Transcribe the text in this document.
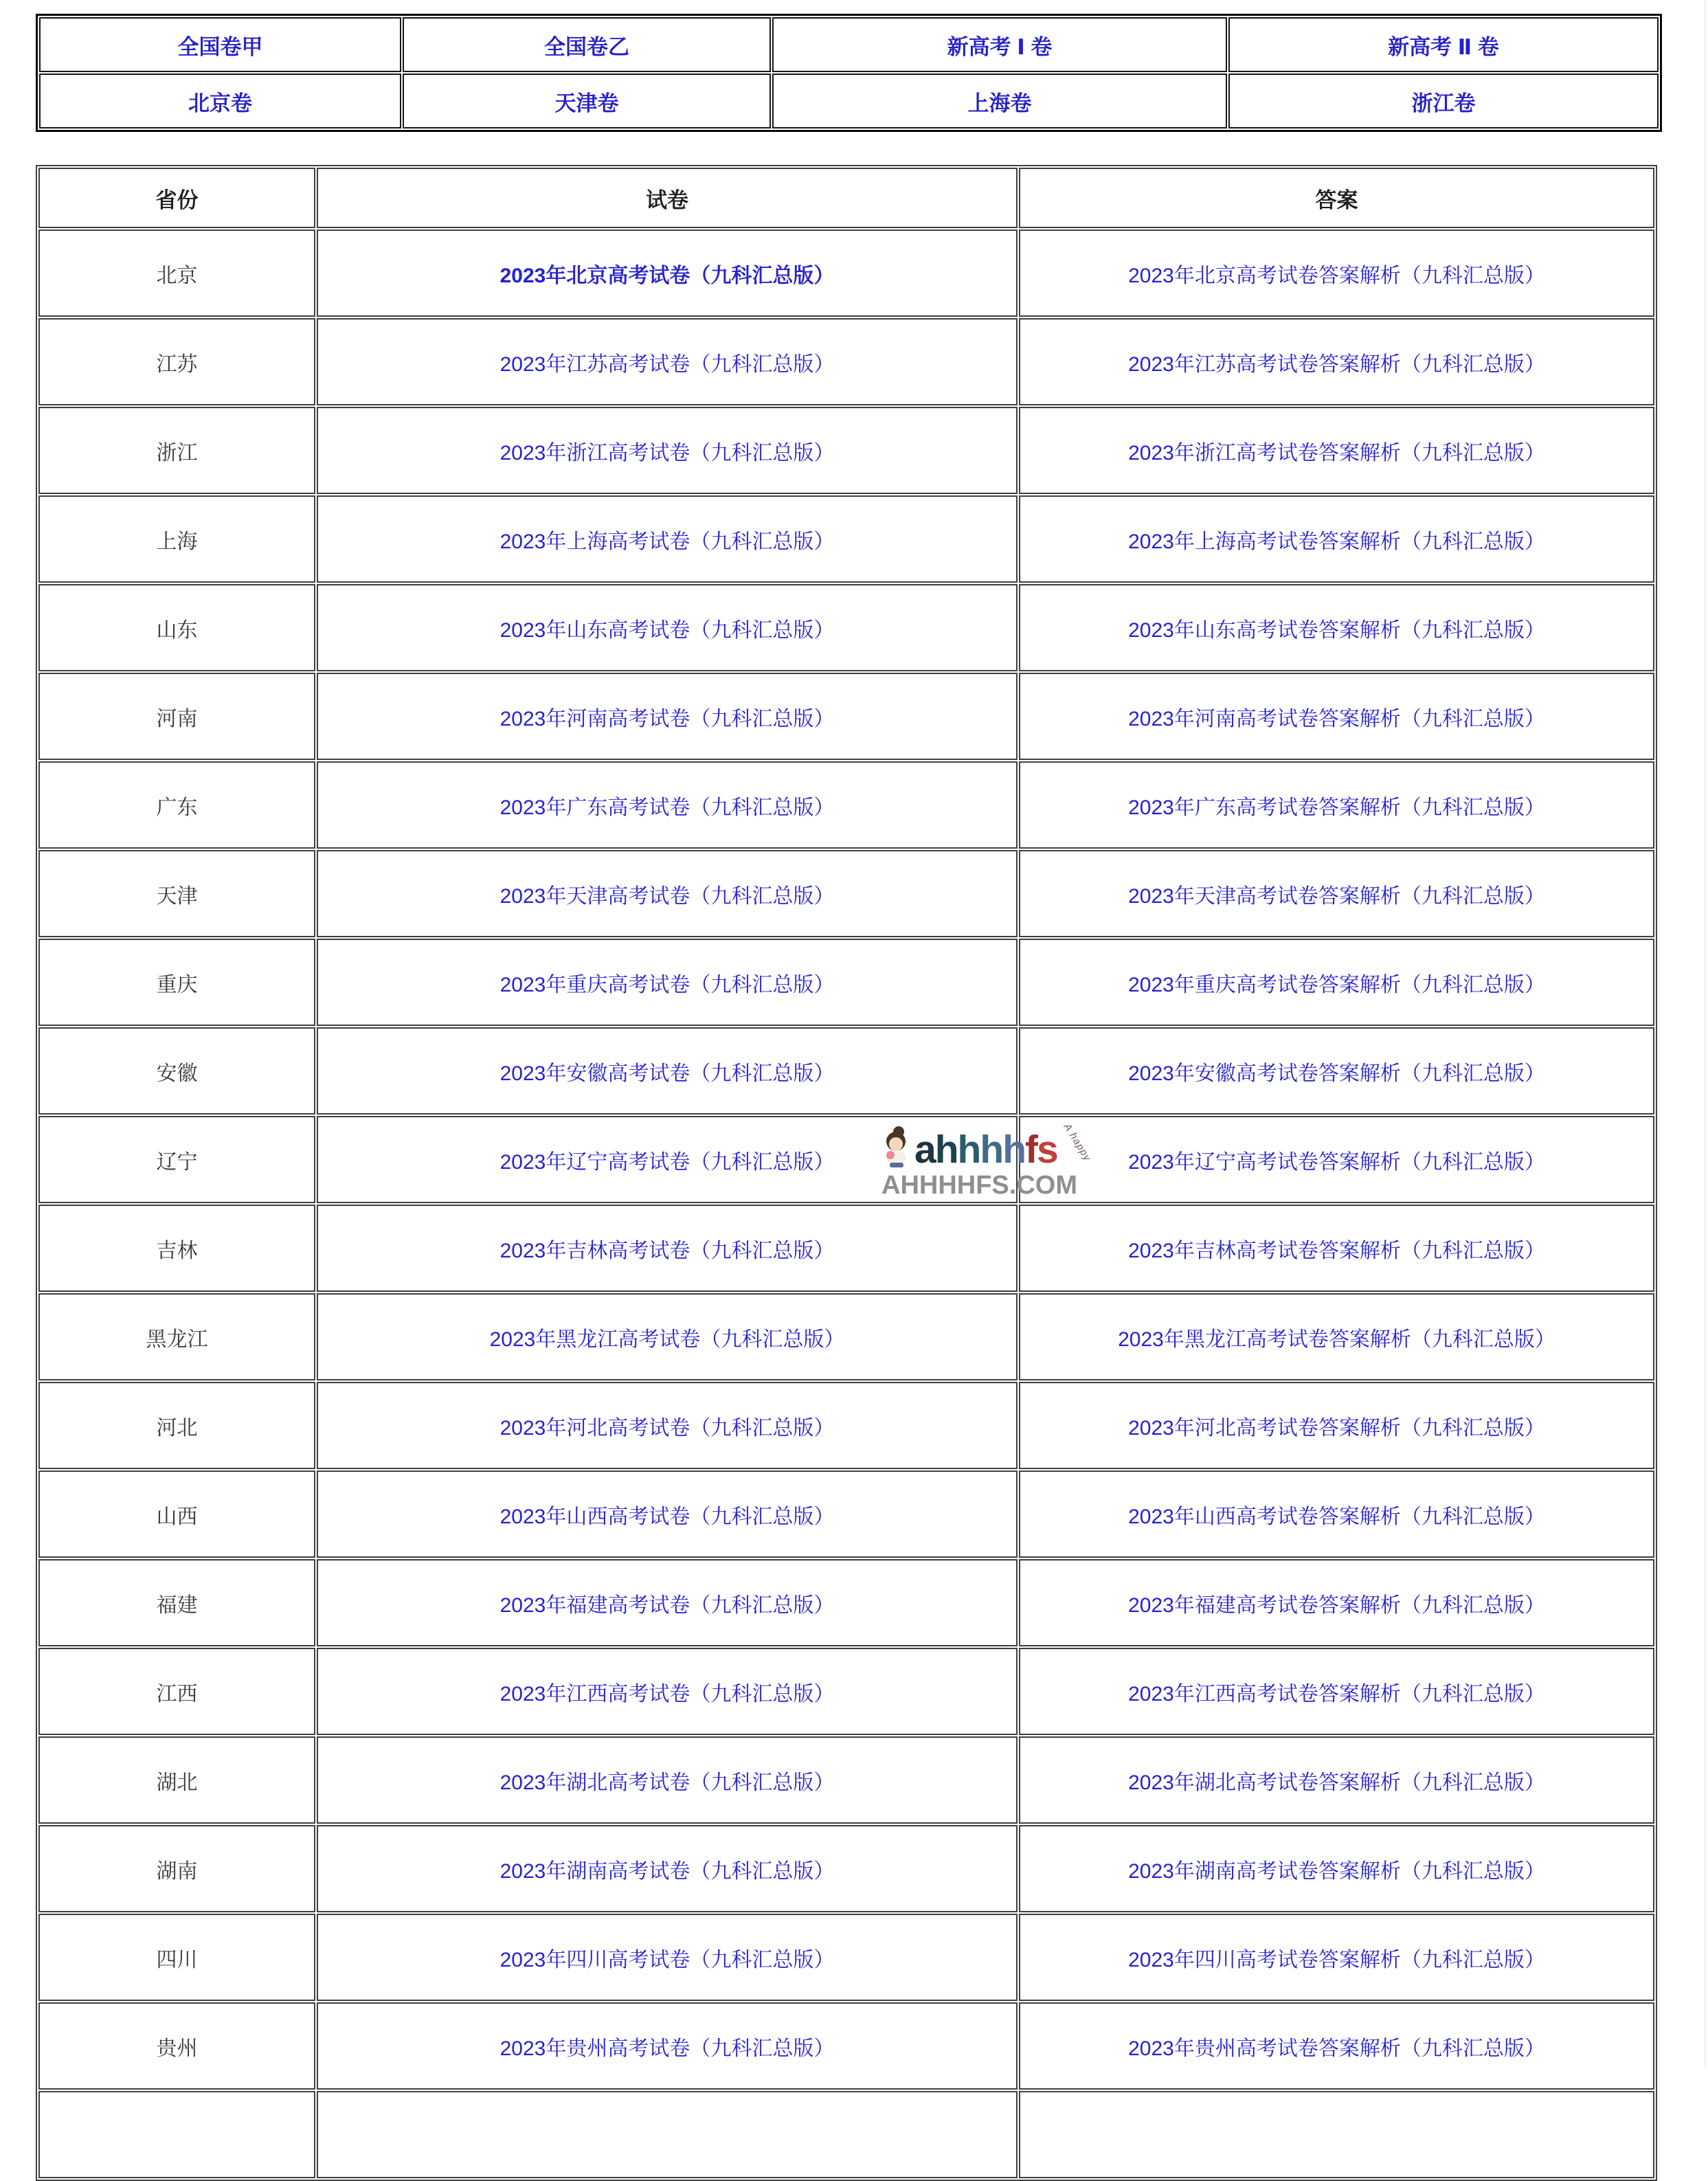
全国卷甲	全国卷乙	新高考 Ⅰ 卷	新高考 Ⅱ 卷
北京卷	天津卷	上海卷	浙江卷
省份	试卷	答案
北京	2023年北京高考试卷（九科汇总版）	2023年北京高考试卷答案解析（九科汇总版）
江苏	2023年江苏高考试卷（九科汇总版）	2023年江苏高考试卷答案解析（九科汇总版）
浙江	2023年浙江高考试卷（九科汇总版）	2023年浙江高考试卷答案解析（九科汇总版）
上海	2023年上海高考试卷（九科汇总版）	2023年上海高考试卷答案解析（九科汇总版）
山东	2023年山东高考试卷（九科汇总版）	2023年山东高考试卷答案解析（九科汇总版）
河南	2023年河南高考试卷（九科汇总版）	2023年河南高考试卷答案解析（九科汇总版）
广东	2023年广东高考试卷（九科汇总版）	2023年广东高考试卷答案解析（九科汇总版）
天津	2023年天津高考试卷（九科汇总版）	2023年天津高考试卷答案解析（九科汇总版）
重庆	2023年重庆高考试卷（九科汇总版）	2023年重庆高考试卷答案解析（九科汇总版）
安徽	2023年安徽高考试卷（九科汇总版）	2023年安徽高考试卷答案解析（九科汇总版）
辽宁	2023年辽宁高考试卷（九科汇总版）	2023年辽宁高考试卷答案解析（九科汇总版）
吉林	2023年吉林高考试卷（九科汇总版）	2023年吉林高考试卷答案解析（九科汇总版）
黑龙江	2023年黑龙江高考试卷（九科汇总版）	2023年黑龙江高考试卷答案解析（九科汇总版）
河北	2023年河北高考试卷（九科汇总版）	2023年河北高考试卷答案解析（九科汇总版）
山西	2023年山西高考试卷（九科汇总版）	2023年山西高考试卷答案解析（九科汇总版）
福建	2023年福建高考试卷（九科汇总版）	2023年福建高考试卷答案解析（九科汇总版）
江西	2023年江西高考试卷（九科汇总版）	2023年江西高考试卷答案解析（九科汇总版）
湖北	2023年湖北高考试卷（九科汇总版）	2023年湖北高考试卷答案解析（九科汇总版）
湖南	2023年湖南高考试卷（九科汇总版）	2023年湖南高考试卷答案解析（九科汇总版）
四川	2023年四川高考试卷（九科汇总版）	2023年四川高考试卷答案解析（九科汇总版）
贵州	2023年贵州高考试卷（九科汇总版）	2023年贵州高考试卷答案解析（九科汇总版）

ahhhhfs A happy
AHHHHFS.COM
